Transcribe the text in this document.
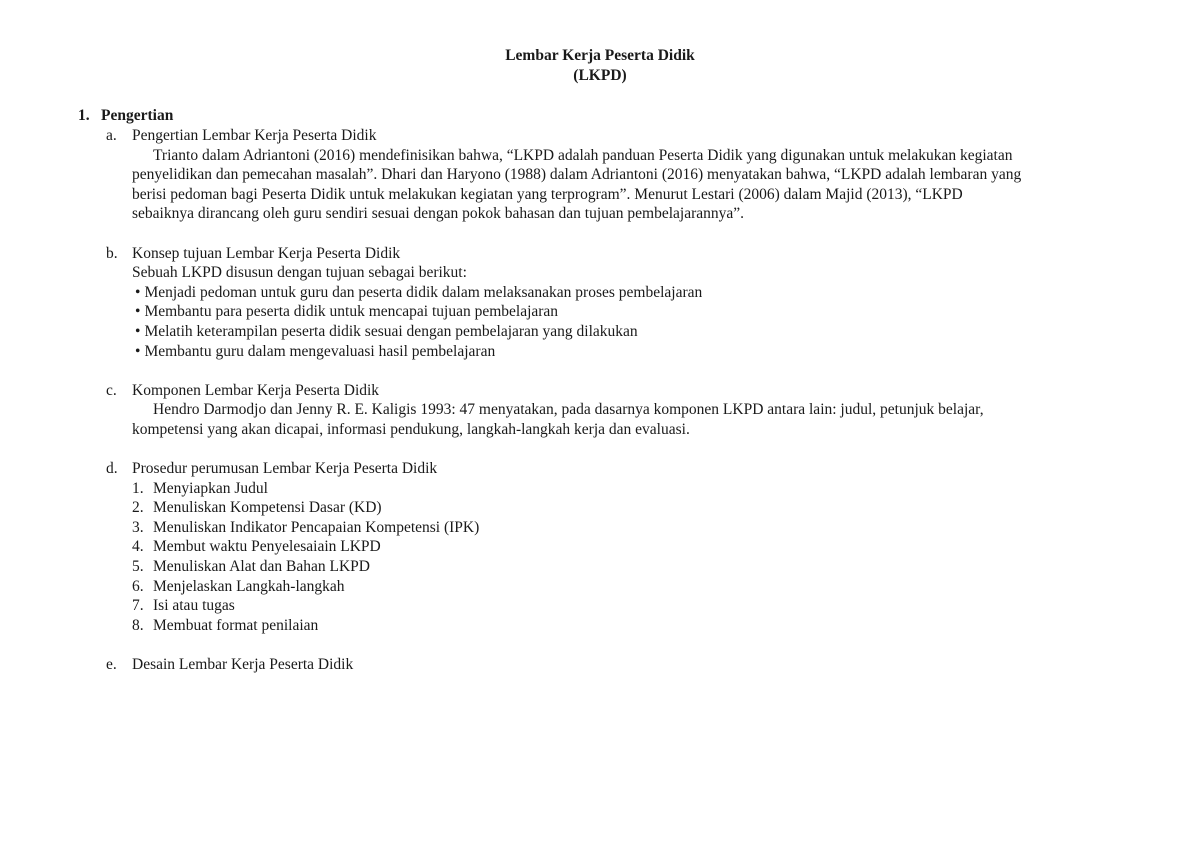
Lembar Kerja Peserta Didik
(LKPD)
1. Pengertian
a. Pengertian Lembar Kerja Peserta Didik
Trianto dalam Adriantoni (2016) mendefinisikan bahwa, “LKPD adalah panduan Peserta Didik yang digunakan untuk melakukan kegiatan
penyelidikan dan pemecahan masalah”. Dhari dan Haryono (1988) dalam Adriantoni (2016) menyatakan bahwa, “LKPD adalah lembaran yang
berisi pedoman bagi Peserta Didik untuk melakukan kegiatan yang terprogram”. Menurut Lestari (2006) dalam Majid (2013), “LKPD
sebaiknya dirancang oleh guru sendiri sesuai dengan pokok bahasan dan tujuan pembelajarannya”.
b. Konsep tujuan Lembar Kerja Peserta Didik
Sebuah LKPD disusun dengan tujuan sebagai berikut:
• Menjadi pedoman untuk guru dan peserta didik dalam melaksanakan proses pembelajaran
• Membantu para peserta didik untuk mencapai tujuan pembelajaran
• Melatih keterampilan peserta didik sesuai dengan pembelajaran yang dilakukan
• Membantu guru dalam mengevaluasi hasil pembelajaran
c. Komponen Lembar Kerja Peserta Didik
Hendro Darmodjo dan Jenny R. E. Kaligis 1993: 47 menyatakan, pada dasarnya komponen LKPD antara lain: judul, petunjuk belajar,
kompetensi yang akan dicapai, informasi pendukung, langkah-langkah kerja dan evaluasi.
d. Prosedur perumusan Lembar Kerja Peserta Didik
1. Menyiapkan Judul
2. Menuliskan Kompetensi Dasar (KD)
3. Menuliskan Indikator Pencapaian Kompetensi (IPK)
4. Membut waktu Penyelesaiain LKPD
5. Menuliskan Alat dan Bahan LKPD
6. Menjelaskan Langkah-langkah
7. Isi atau tugas
8. Membuat format penilaian
e. Desain Lembar Kerja Peserta Didik
